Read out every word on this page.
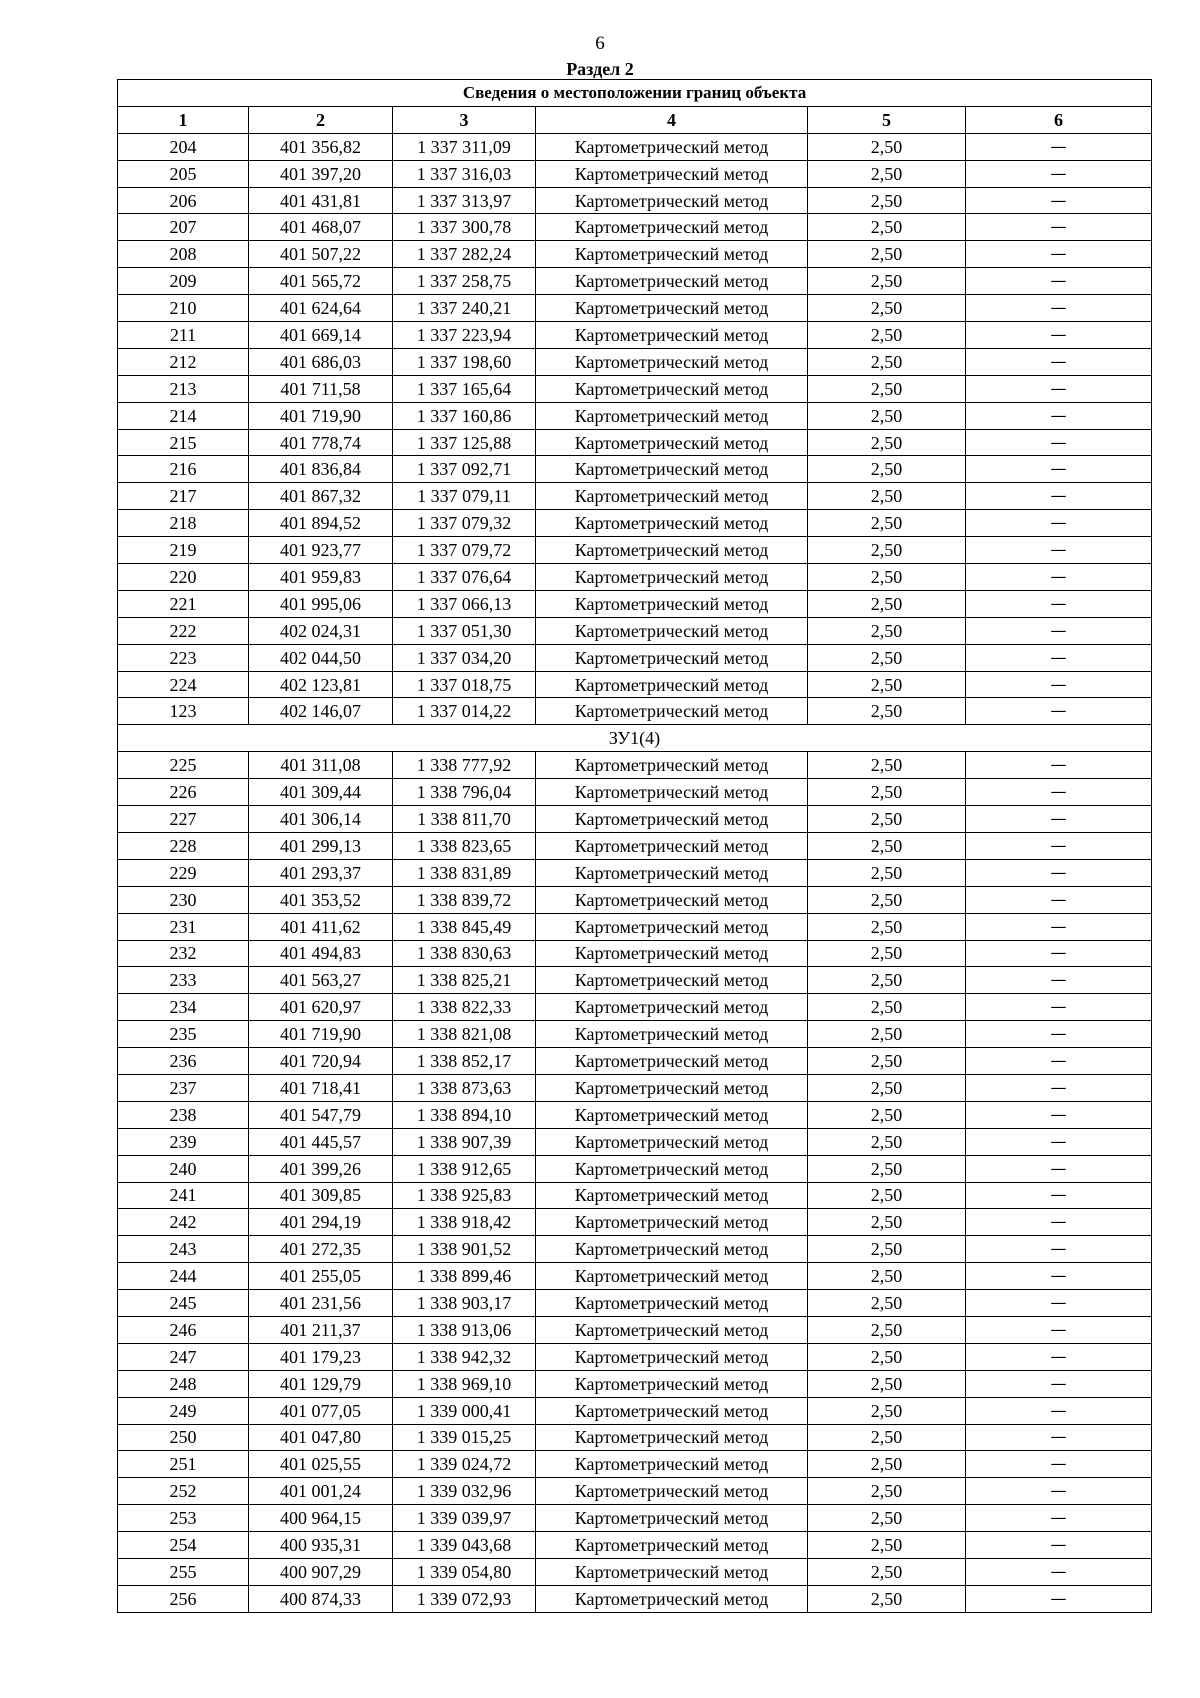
6
Раздел 2
Сведения о местоположении границ объекта					
1	2	3	4	5	6
204	401 356,82	1 337 311,09	Картометрический метод	2,50	—
205	401 397,20	1 337 316,03	Картометрический метод	2,50	—
206	401 431,81	1 337 313,97	Картометрический метод	2,50	—
207	401 468,07	1 337 300,78	Картометрический метод	2,50	—
208	401 507,22	1 337 282,24	Картометрический метод	2,50	—
209	401 565,72	1 337 258,75	Картометрический метод	2,50	—
210	401 624,64	1 337 240,21	Картометрический метод	2,50	—
211	401 669,14	1 337 223,94	Картометрический метод	2,50	—
212	401 686,03	1 337 198,60	Картометрический метод	2,50	—
213	401 711,58	1 337 165,64	Картометрический метод	2,50	—
214	401 719,90	1 337 160,86	Картометрический метод	2,50	—
215	401 778,74	1 337 125,88	Картометрический метод	2,50	—
216	401 836,84	1 337 092,71	Картометрический метод	2,50	—
217	401 867,32	1 337 079,11	Картометрический метод	2,50	—
218	401 894,52	1 337 079,32	Картометрический метод	2,50	—
219	401 923,77	1 337 079,72	Картометрический метод	2,50	—
220	401 959,83	1 337 076,64	Картометрический метод	2,50	—
221	401 995,06	1 337 066,13	Картометрический метод	2,50	—
222	402 024,31	1 337 051,30	Картометрический метод	2,50	—
223	402 044,50	1 337 034,20	Картометрический метод	2,50	—
224	402 123,81	1 337 018,75	Картометрический метод	2,50	—
123	402 146,07	1 337 014,22	Картометрический метод	2,50	—
ЗУ1(4)					
225	401 311,08	1 338 777,92	Картометрический метод	2,50	—
226	401 309,44	1 338 796,04	Картометрический метод	2,50	—
227	401 306,14	1 338 811,70	Картометрический метод	2,50	—
228	401 299,13	1 338 823,65	Картометрический метод	2,50	—
229	401 293,37	1 338 831,89	Картометрический метод	2,50	—
230	401 353,52	1 338 839,72	Картометрический метод	2,50	—
231	401 411,62	1 338 845,49	Картометрический метод	2,50	—
232	401 494,83	1 338 830,63	Картометрический метод	2,50	—
233	401 563,27	1 338 825,21	Картометрический метод	2,50	—
234	401 620,97	1 338 822,33	Картометрический метод	2,50	—
235	401 719,90	1 338 821,08	Картометрический метод	2,50	—
236	401 720,94	1 338 852,17	Картометрический метод	2,50	—
237	401 718,41	1 338 873,63	Картометрический метод	2,50	—
238	401 547,79	1 338 894,10	Картометрический метод	2,50	—
239	401 445,57	1 338 907,39	Картометрический метод	2,50	—
240	401 399,26	1 338 912,65	Картометрический метод	2,50	—
241	401 309,85	1 338 925,83	Картометрический метод	2,50	—
242	401 294,19	1 338 918,42	Картометрический метод	2,50	—
243	401 272,35	1 338 901,52	Картометрический метод	2,50	—
244	401 255,05	1 338 899,46	Картометрический метод	2,50	—
245	401 231,56	1 338 903,17	Картометрический метод	2,50	—
246	401 211,37	1 338 913,06	Картометрический метод	2,50	—
247	401 179,23	1 338 942,32	Картометрический метод	2,50	—
248	401 129,79	1 338 969,10	Картометрический метод	2,50	—
249	401 077,05	1 339 000,41	Картометрический метод	2,50	—
250	401 047,80	1 339 015,25	Картометрический метод	2,50	—
251	401 025,55	1 339 024,72	Картометрический метод	2,50	—
252	401 001,24	1 339 032,96	Картометрический метод	2,50	—
253	400 964,15	1 339 039,97	Картометрический метод	2,50	—
254	400 935,31	1 339 043,68	Картометрический метод	2,50	—
255	400 907,29	1 339 054,80	Картометрический метод	2,50	—
256	400 874,33	1 339 072,93	Картометрический метод	2,50	—
